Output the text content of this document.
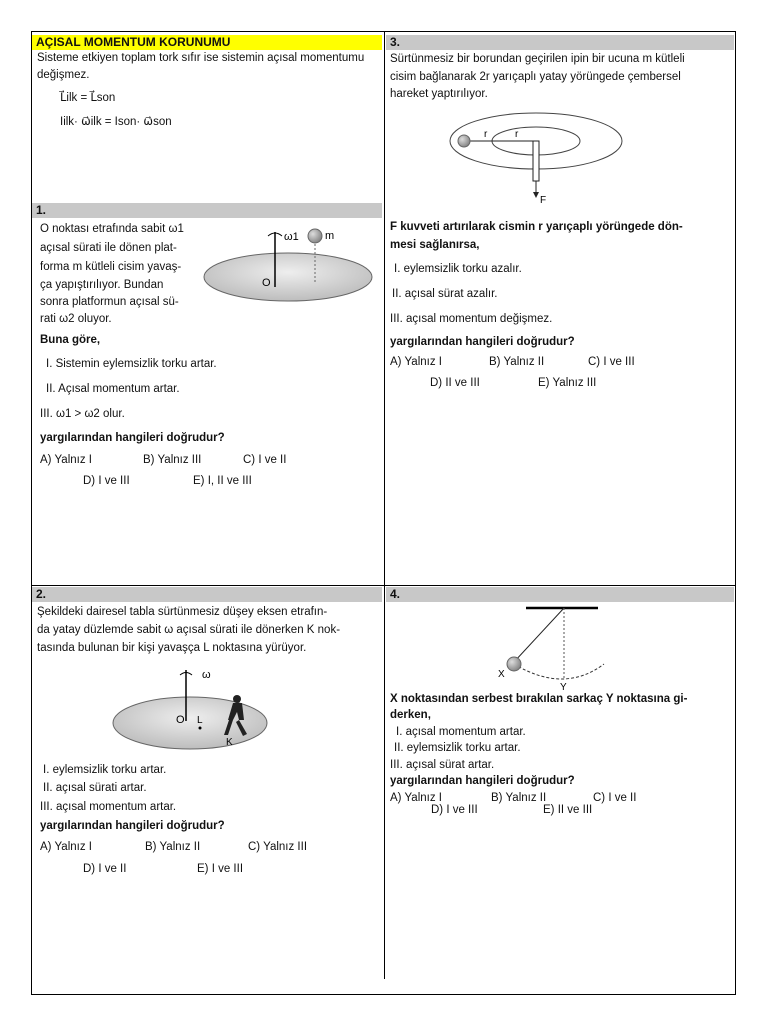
AÇISAL MOMENTUM KORUNUMU
Sisteme etkiyen toplam tork sıfır ise sistemin açısal momentumu
değişmez.
L⃗ilk = L⃗son
Iilk· ω⃗ilk = Ison· ω⃗son
1.
O noktası etrafında sabit ω1
açısal sürati ile dönen plat-
forma m kütleli cisim yavaş-
ça yapıştırılıyor. Bundan
sonra platformun açısal sü-
rati ω2 oluyor.
Buna göre,
I. Sistemin eylemsizlik torku artar.
II. Açısal momentum artar.
III. ω1 > ω2 olur.
yargılarından hangileri doğrudur?
A) Yalnız I	B) Yalnız III	C) I ve II
D) I ve III	E) I, II ve III
ω1 m
O
2.
Şekildeki dairesel tabla sürtünmesiz düşey eksen etrafın-
da yatay düzlemde sabit ω açısal sürati ile dönerken K nok-
tasında bulunan bir kişi yavaşça L noktasına yürüyor.
O L
K
ω
I. eylemsizlik torku artar.
II. açısal sürati artar.
III. açısal momentum artar.
yargılarından hangileri doğrudur?
A) Yalnız I	B) Yalnız II	C) Yalnız III
D) I ve II	E) I ve III
3.
Sürtünmesiz bir borundan geçirilen ipin bir ucuna m kütleli
cisim bağlanarak 2r yarıçaplı yatay yörüngede çembersel
hareket yaptırılıyor.
r	r
F
F kuvveti artırılarak cismin r yarıçaplı yörüngede dön-
mesi sağlanırsa,
I. eylemsizlik torku azalır.
II. açısal sürat azalır.
III. açısal momentum değişmez.
yargılarından hangileri doğrudur?
A) Yalnız I	B) Yalnız II	C) I ve III
D) II ve III	E) Yalnız III
4.
X
Y
X noktasından serbest bırakılan sarkaç Y noktasına gi-
derken,
I. açısal momentum artar.
II. eylemsizlik torku artar.
III. açısal sürat artar.
yargılarından hangileri doğrudur?
A) Yalnız I	B) Yalnız II	C) I ve II
D) I ve III	E) II ve III
